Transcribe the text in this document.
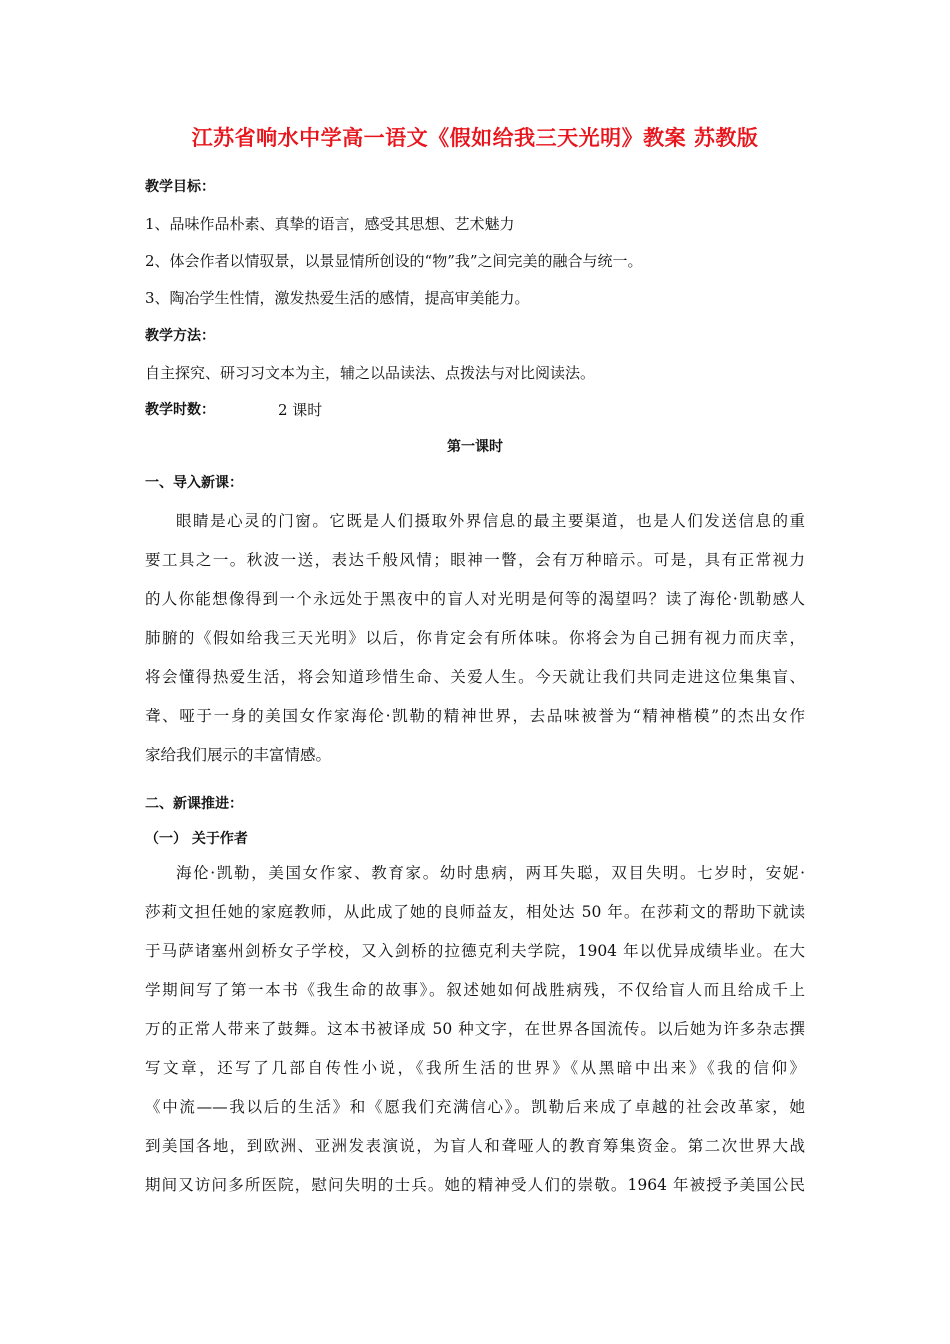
江苏省响水中学高一语文《假如给我三天光明》教案 苏教版
教学目标：
1、品味作品朴素、真挚的语言，感受其思想、艺术魅力
2、体会作者以情驭景，以景显情所创设的“物”我”之间完美的融合与统一。
3、陶冶学生性情，激发热爱生活的感情，提高审美能力。
教学方法：
自主探究、研习习文本为主，辅之以品读法、点拨法与对比阅读法。
教学时数：	2 课时
第一课时
一、导入新课：
眼睛是心灵的门窗。它既是人们摄取外界信息的最主要渠道，也是人们发送信息的重
要工具之一。秋波一送，表达千般风情；眼神一瞥，会有万种暗示。可是，具有正常视力
的人你能想像得到一个永远处于黑夜中的盲人对光明是何等的渴望吗？读了海伦·凯勒感人
肺腑的《假如给我三天光明》以后，你肯定会有所体味。你将会为自己拥有视力而庆幸，
将会懂得热爱生活，将会知道珍惜生命、关爱人生。今天就让我们共同走进这位集集盲、
聋、哑于一身的美国女作家海伦·凯勒的精神世界，去品味被誉为“精神楷模”的杰出女作
家给我们展示的丰富情感。
二、新课推进：
（一） 关于作者
海伦·凯勒，美国女作家、教育家。幼时患病，两耳失聪，双目失明。七岁时，安妮·
莎莉文担任她的家庭教师，从此成了她的良师益友，相处达 50 年。在莎莉文的帮助下就读
于马萨诸塞州剑桥女子学校，又入剑桥的拉德克利夫学院，1904 年以优异成绩毕业。在大
学期间写了第一本书《我生命的故事》。叙述她如何战胜病残，不仅给盲人而且给成千上
万的正常人带来了鼓舞。这本书被译成 50 种文字，在世界各国流传。以后她为许多杂志撰
写文章，还写了几部自传性小说，《我所生活的世界》《从黑暗中出来》《我的信仰》
《中流——我以后的生活》和《愿我们充满信心》。凯勒后来成了卓越的社会改革家，她
到美国各地，到欧洲、亚洲发表演说，为盲人和聋哑人的教育筹集资金。第二次世界大战
期间又访问多所医院，慰问失明的士兵。她的精神受人们的崇敬。1964 年被授予美国公民
